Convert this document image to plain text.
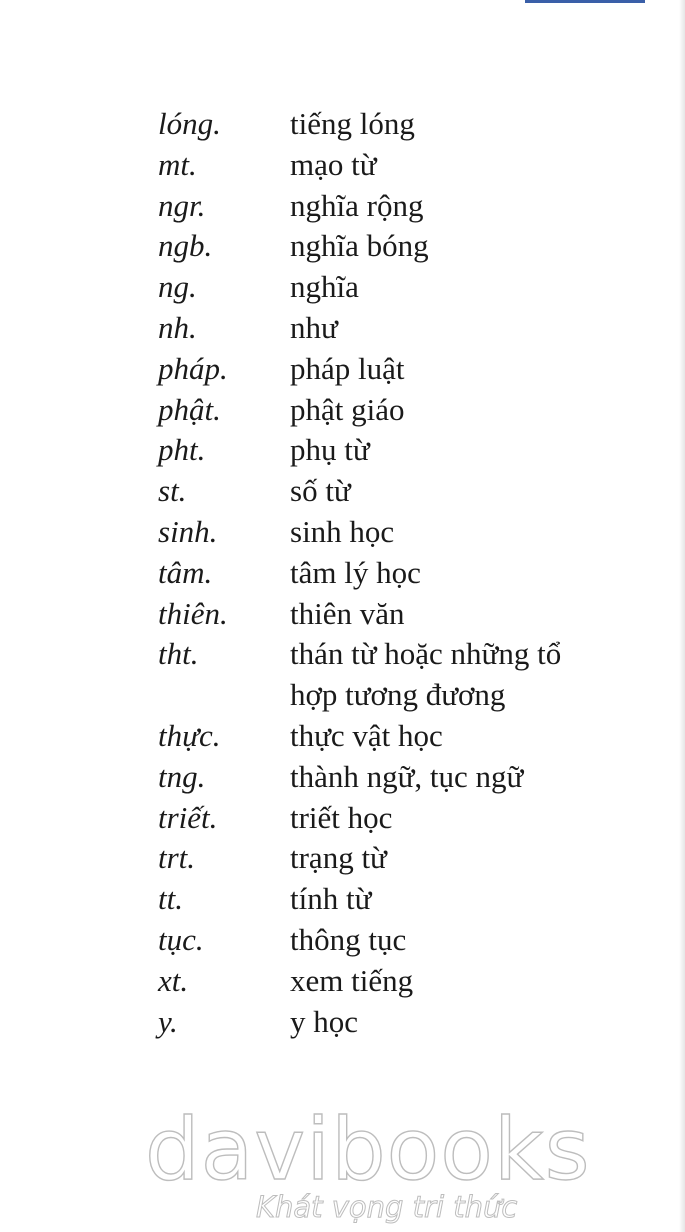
lóng.	tiếng lóng
mt.	mạo từ
ngr.	nghĩa rộng
ngb.	nghĩa bóng
ng.	nghĩa
nh.	như
pháp.	pháp luật
phật.	phật giáo
pht.	phụ từ
st.	số từ
sinh.	sinh học
tâm.	tâm lý học
thiên.	thiên văn
tht.	thán từ hoặc những tổ
hợp tương đương
thực.	thực vật học
tng.	thành ngữ, tục ngữ
triết.	triết học
trt.	trạng từ
tt.	tính từ
tục.	thông tục
xt.	xem tiếng
y.	y học
davibooks
Khát vọng tri thức
